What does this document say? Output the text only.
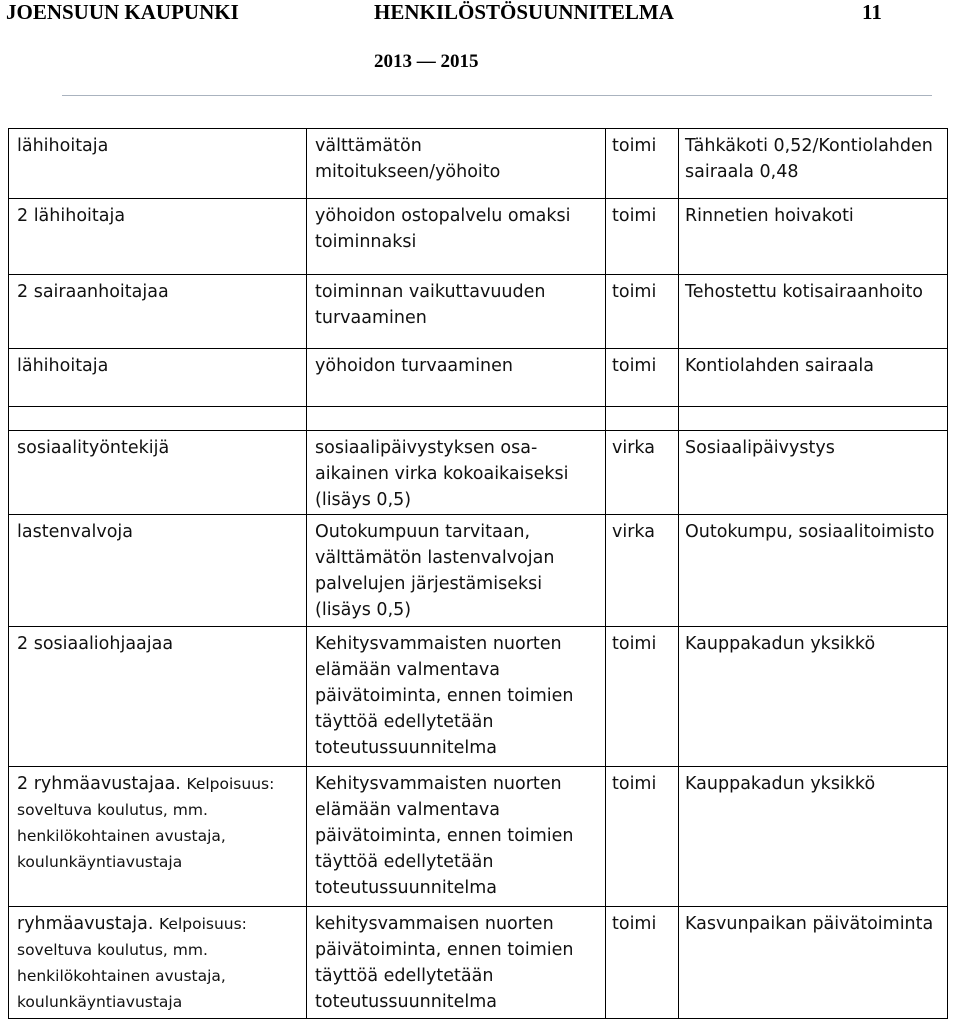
JOENSUUN KAUPUNKI	HENKILÖSTÖSUUNNITELMA	11
2013 — 2015
lähihoitaja	välttämätön mitoitukseen/yöhoito	toimi	Tähkäkoti 0,52/Kontiolahden sairaala 0,48

2 lähihoitaja	yöhoidon ostopalvelu omaksi toiminnaksi	toimi	Rinnetien hoivakoti

2 sairaanhoitajaa	toiminnan vaikuttavuuden turvaaminen	toimi	Tehostettu kotisairaanhoito

lähihoitaja	yöhoidon turvaaminen	toimi	Kontiolahden sairaala

sosiaalityöntekijä	sosiaalipäivystyksen osa-aikainen virka kokoaikaiseksi (lisäys 0,5)	virka	Sosiaalipäivystys

lastenvalvoja	Outokumpuun tarvitaan, välttämätön lastenvalvojan palvelujen järjestämiseksi (lisäys 0,5)	virka	Outokumpu, sosiaalitoimisto

2 sosiaaliohjaajaa	Kehitysvammaisten nuorten elämään valmentava päivätoiminta, ennen toimien täyttöä edellytetään toteutussuunnitelma	toimi	Kauppakadun yksikkö

2 ryhmäavustajaa. Kelpoisuus: soveltuva koulutus, mm. henkilökohtainen avustaja, koulunkäyntiavustaja	Kehitysvammaisten nuorten elämään valmentava päivätoiminta, ennen toimien täyttöä edellytetään toteutussuunnitelma	toimi	Kauppakadun yksikkö

ryhmäavustaja. Kelpoisuus: soveltuva koulutus, mm. henkilökohtainen avustaja, koulunkäyntiavustaja	kehitysvammaisen nuorten päivätoiminta, ennen toimien täyttöä edellytetään toteutussuunnitelma	toimi	Kasvunpaikan päivätoiminta
